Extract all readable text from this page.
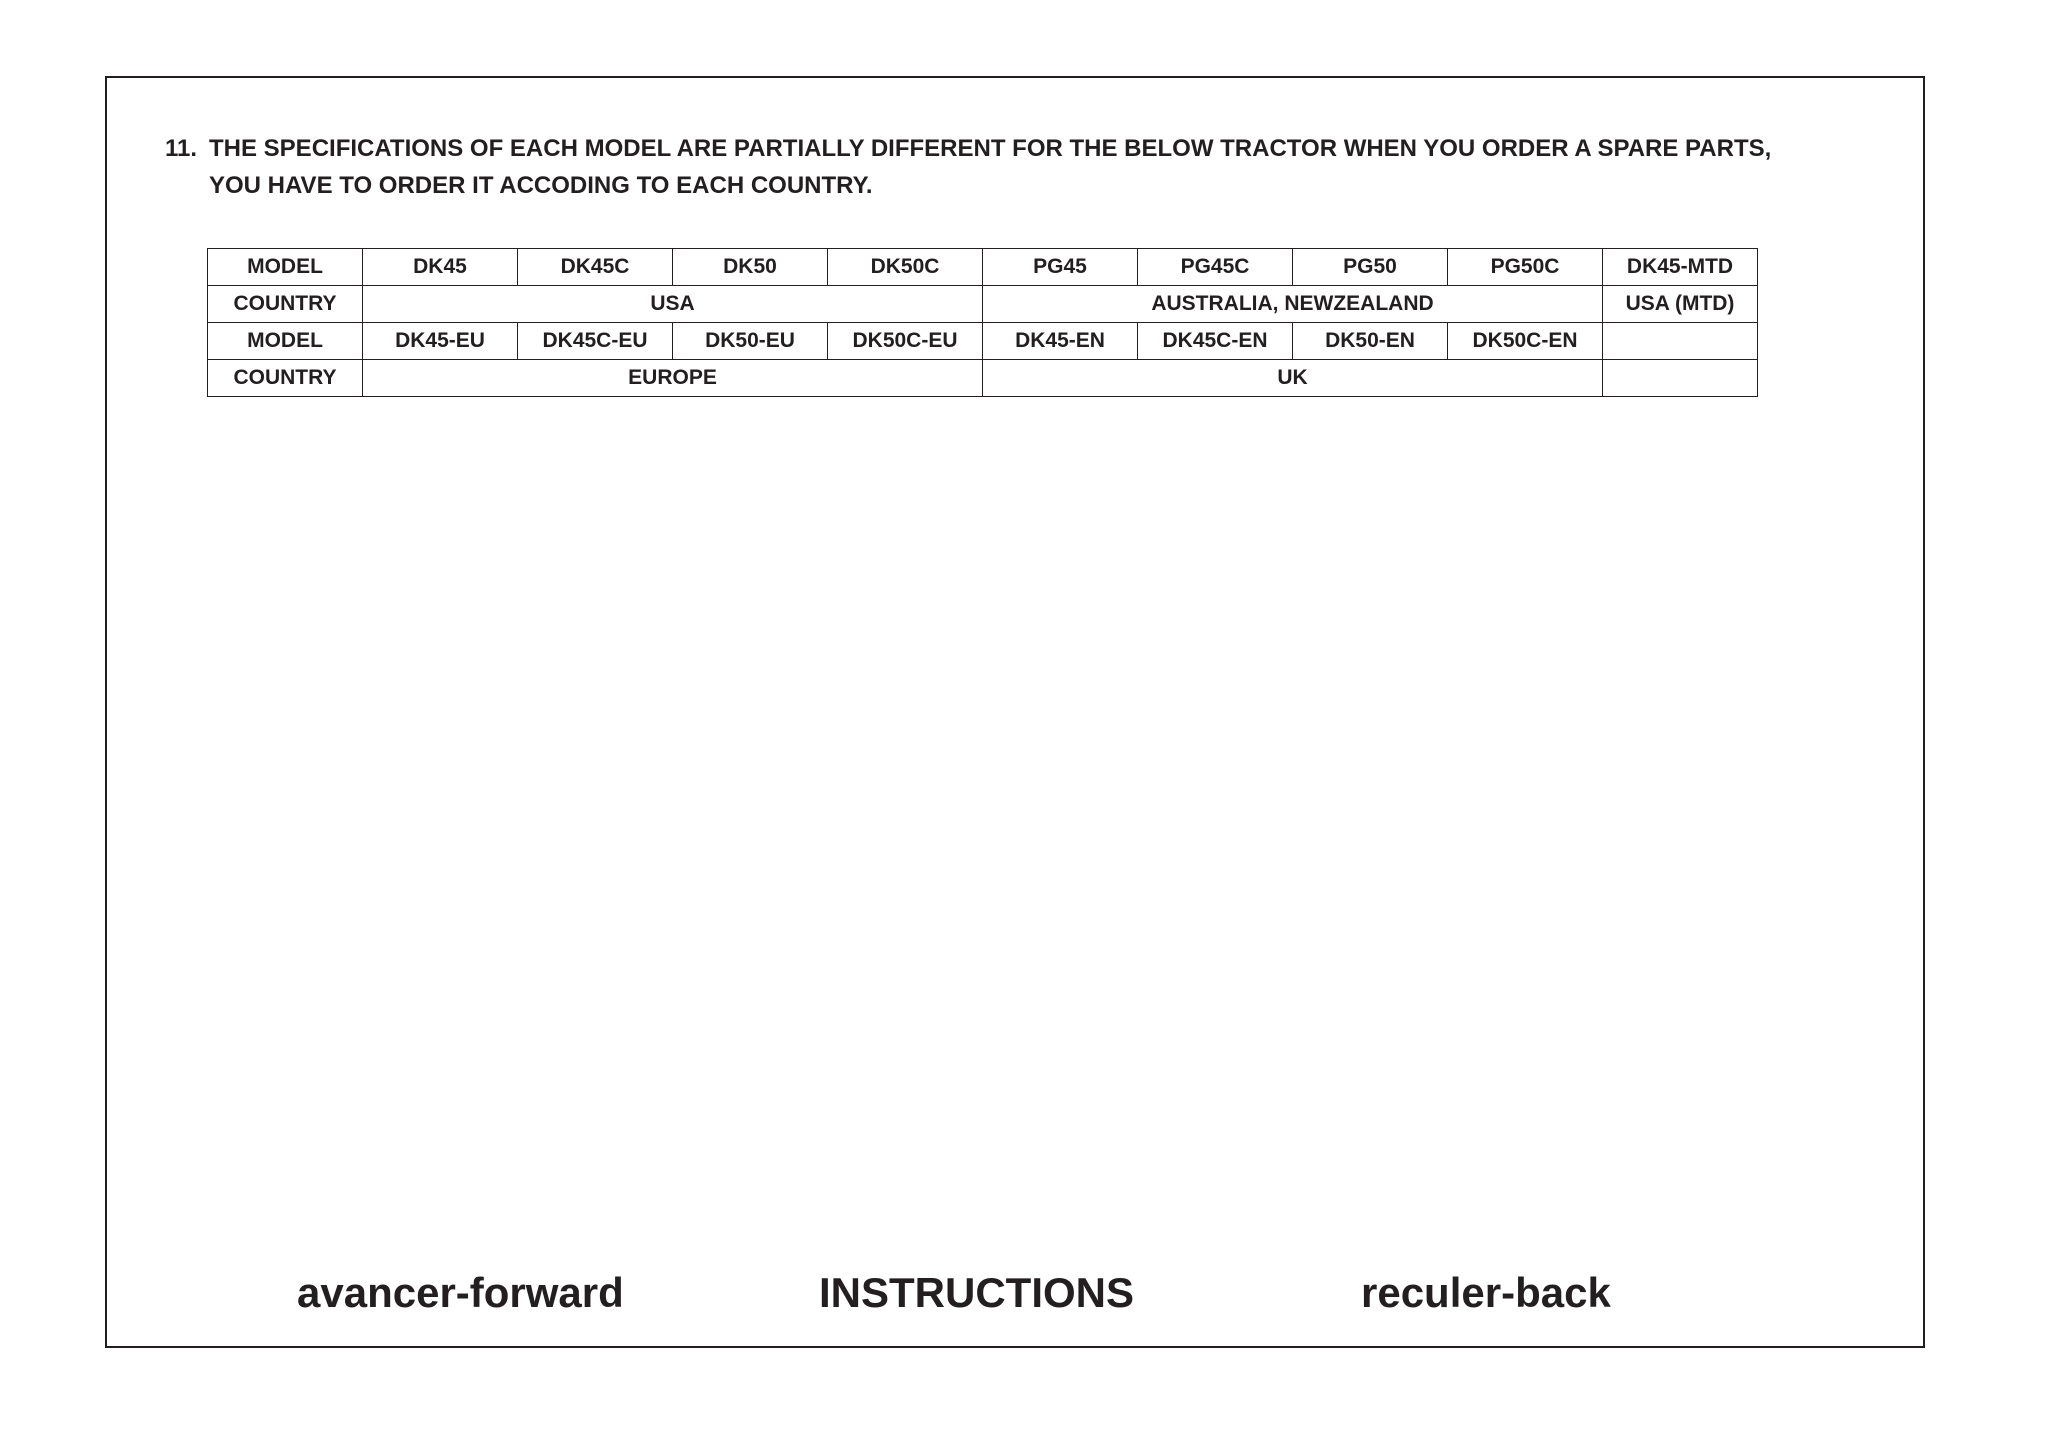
11. THE SPECIFICATIONS OF EACH MODEL ARE PARTIALLY DIFFERENT FOR THE BELOW TRACTOR WHEN YOU ORDER A SPARE PARTS,
YOU HAVE TO ORDER IT ACCODING TO EACH COUNTRY.
MODEL	DK45	DK45C	DK50	DK50C	PG45	PG45C	PG50	PG50C	DK45-MTD
COUNTRY	USA				AUSTRALIA, NEWZEALAND				USA (MTD)
MODEL	DK45-EU	DK45C-EU	DK50-EU	DK50C-EU	DK45-EN	DK45C-EN	DK50-EN	DK50C-EN	
COUNTRY	EUROPE				UK				
avancer-forward	INSTRUCTIONS	reculer-back
